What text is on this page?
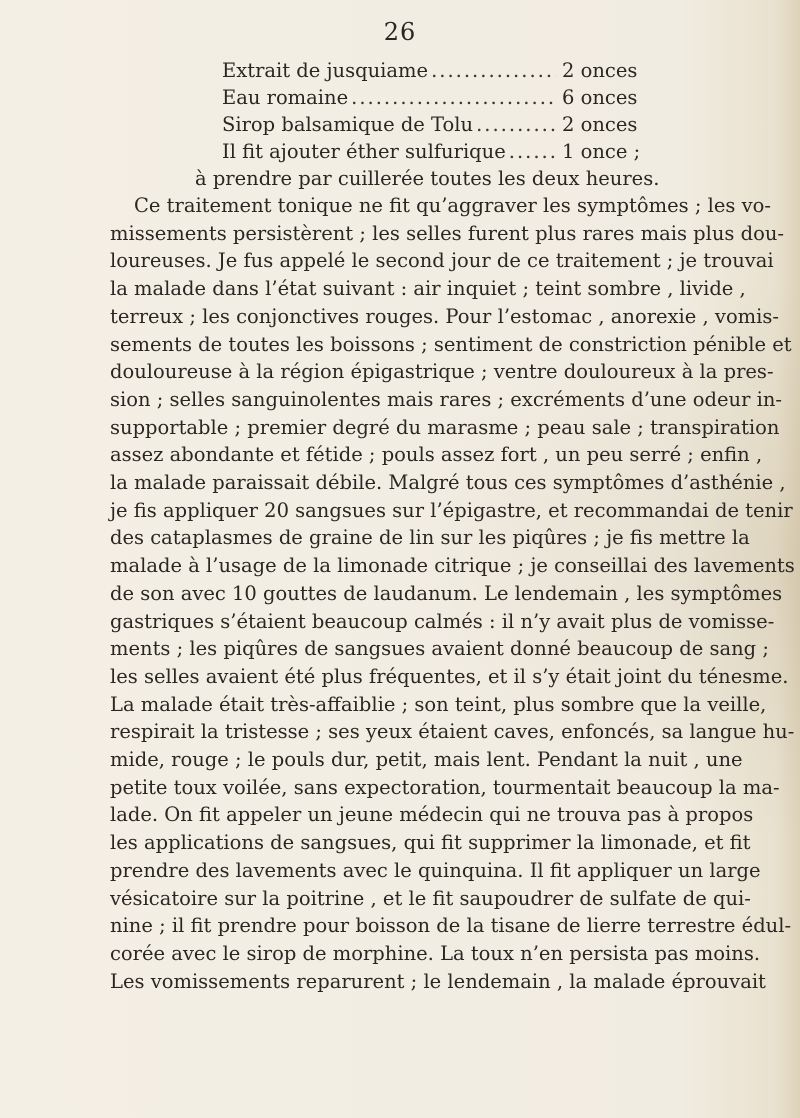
26
Extrait de jusquiame .....	2 onces
Eau romaine .....	6 onces
Sirop balsamique de Tolu .....	2 onces
Il fit ajouter éther sulfurique .....	1 once ;
à prendre par cuillerée toutes les deux heures.
Ce traitement tonique ne fit qu’aggraver les symptômes ; les vo-
missements persistèrent ; les selles furent plus rares mais plus dou-
loureuses. Je fus appelé le second jour de ce traitement ; je trouvai
la malade dans l’état suivant : air inquiet ; teint sombre , livide ,
terreux ; les conjonctives rouges. Pour l’estomac , anorexie , vomis-
sements de toutes les boissons ; sentiment de constriction pénible et
douloureuse à la région épigastrique ; ventre douloureux à la pres-
sion ; selles sanguinolentes mais rares ; excréments d’une odeur in-
supportable ; premier degré du marasme ; peau sale ; transpiration
assez abondante et fétide ; pouls assez fort , un peu serré ; enfin ,
la malade paraissait débile. Malgré tous ces symptômes d’asthénie ,
je fis appliquer 20 sangsues sur l’épigastre, et recommandai de tenir
des cataplasmes de graine de lin sur les piqûres ; je fis mettre la
malade à l’usage de la limonade citrique ; je conseillai des lavements
de son avec 10 gouttes de laudanum. Le lendemain , les symptômes
gastriques s’étaient beaucoup calmés : il n’y avait plus de vomisse-
ments ; les piqûres de sangsues avaient donné beaucoup de sang ;
les selles avaient été plus fréquentes, et il s’y était joint du ténesme.
La malade était très-affaiblie ; son teint, plus sombre que la veille,
respirait la tristesse ; ses yeux étaient caves, enfoncés, sa langue hu-
mide, rouge ; le pouls dur, petit, mais lent. Pendant la nuit , une
petite toux voilée, sans expectoration, tourmentait beaucoup la ma-
lade. On fit appeler un jeune médecin qui ne trouva pas à propos
les applications de sangsues, qui fit supprimer la limonade, et fit
prendre des lavements avec le quinquina. Il fit appliquer un large
vésicatoire sur la poitrine , et le fit saupoudrer de sulfate de qui-
nine ; il fit prendre pour boisson de la tisane de lierre terrestre édul-
corée avec le sirop de morphine. La toux n’en persista pas moins.
Les vomissements reparurent ; le lendemain , la malade éprouvait
